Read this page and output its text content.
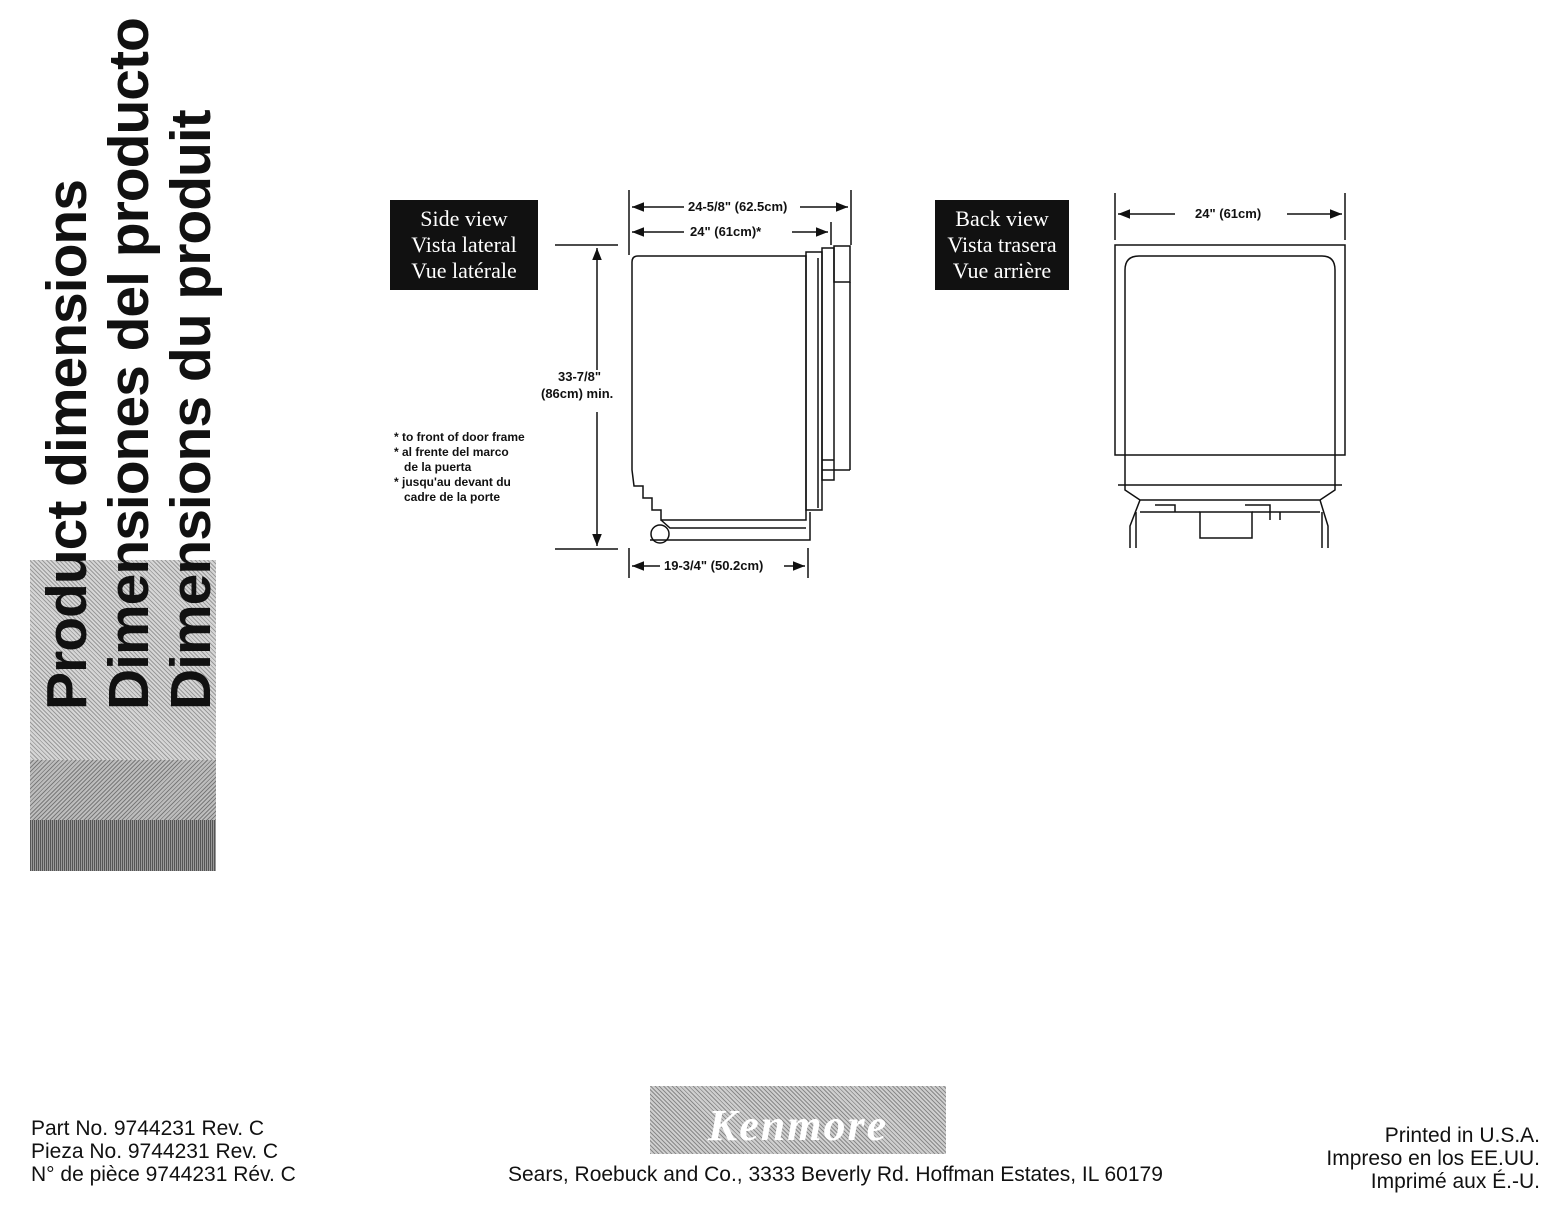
Product dimensions
Dimensiones del producto
Dimensions du produit	Side view
Vista lateral
Vue latérale
Back view
Vista trasera
Vue arrière
24-5/8" (62.5cm)
24" (61cm)*
33-7/8"
(86cm) min.
19-3/4" (50.2cm)
* to front of door frame
* al frente del marco
de la puerta
* jusqu'au devant du
cadre de la porte
24" (61cm)
Part No. 9744231 Rev. C
Pieza No. 9744231 Rev. C
N° de pièce 9744231 Rév. C
Kenmore
Sears, Roebuck and Co., 3333 Beverly Rd. Hoffman Estates, IL 60179
Printed in U.S.A.
Impreso en los EE.UU.
Imprimé aux É.-U.
